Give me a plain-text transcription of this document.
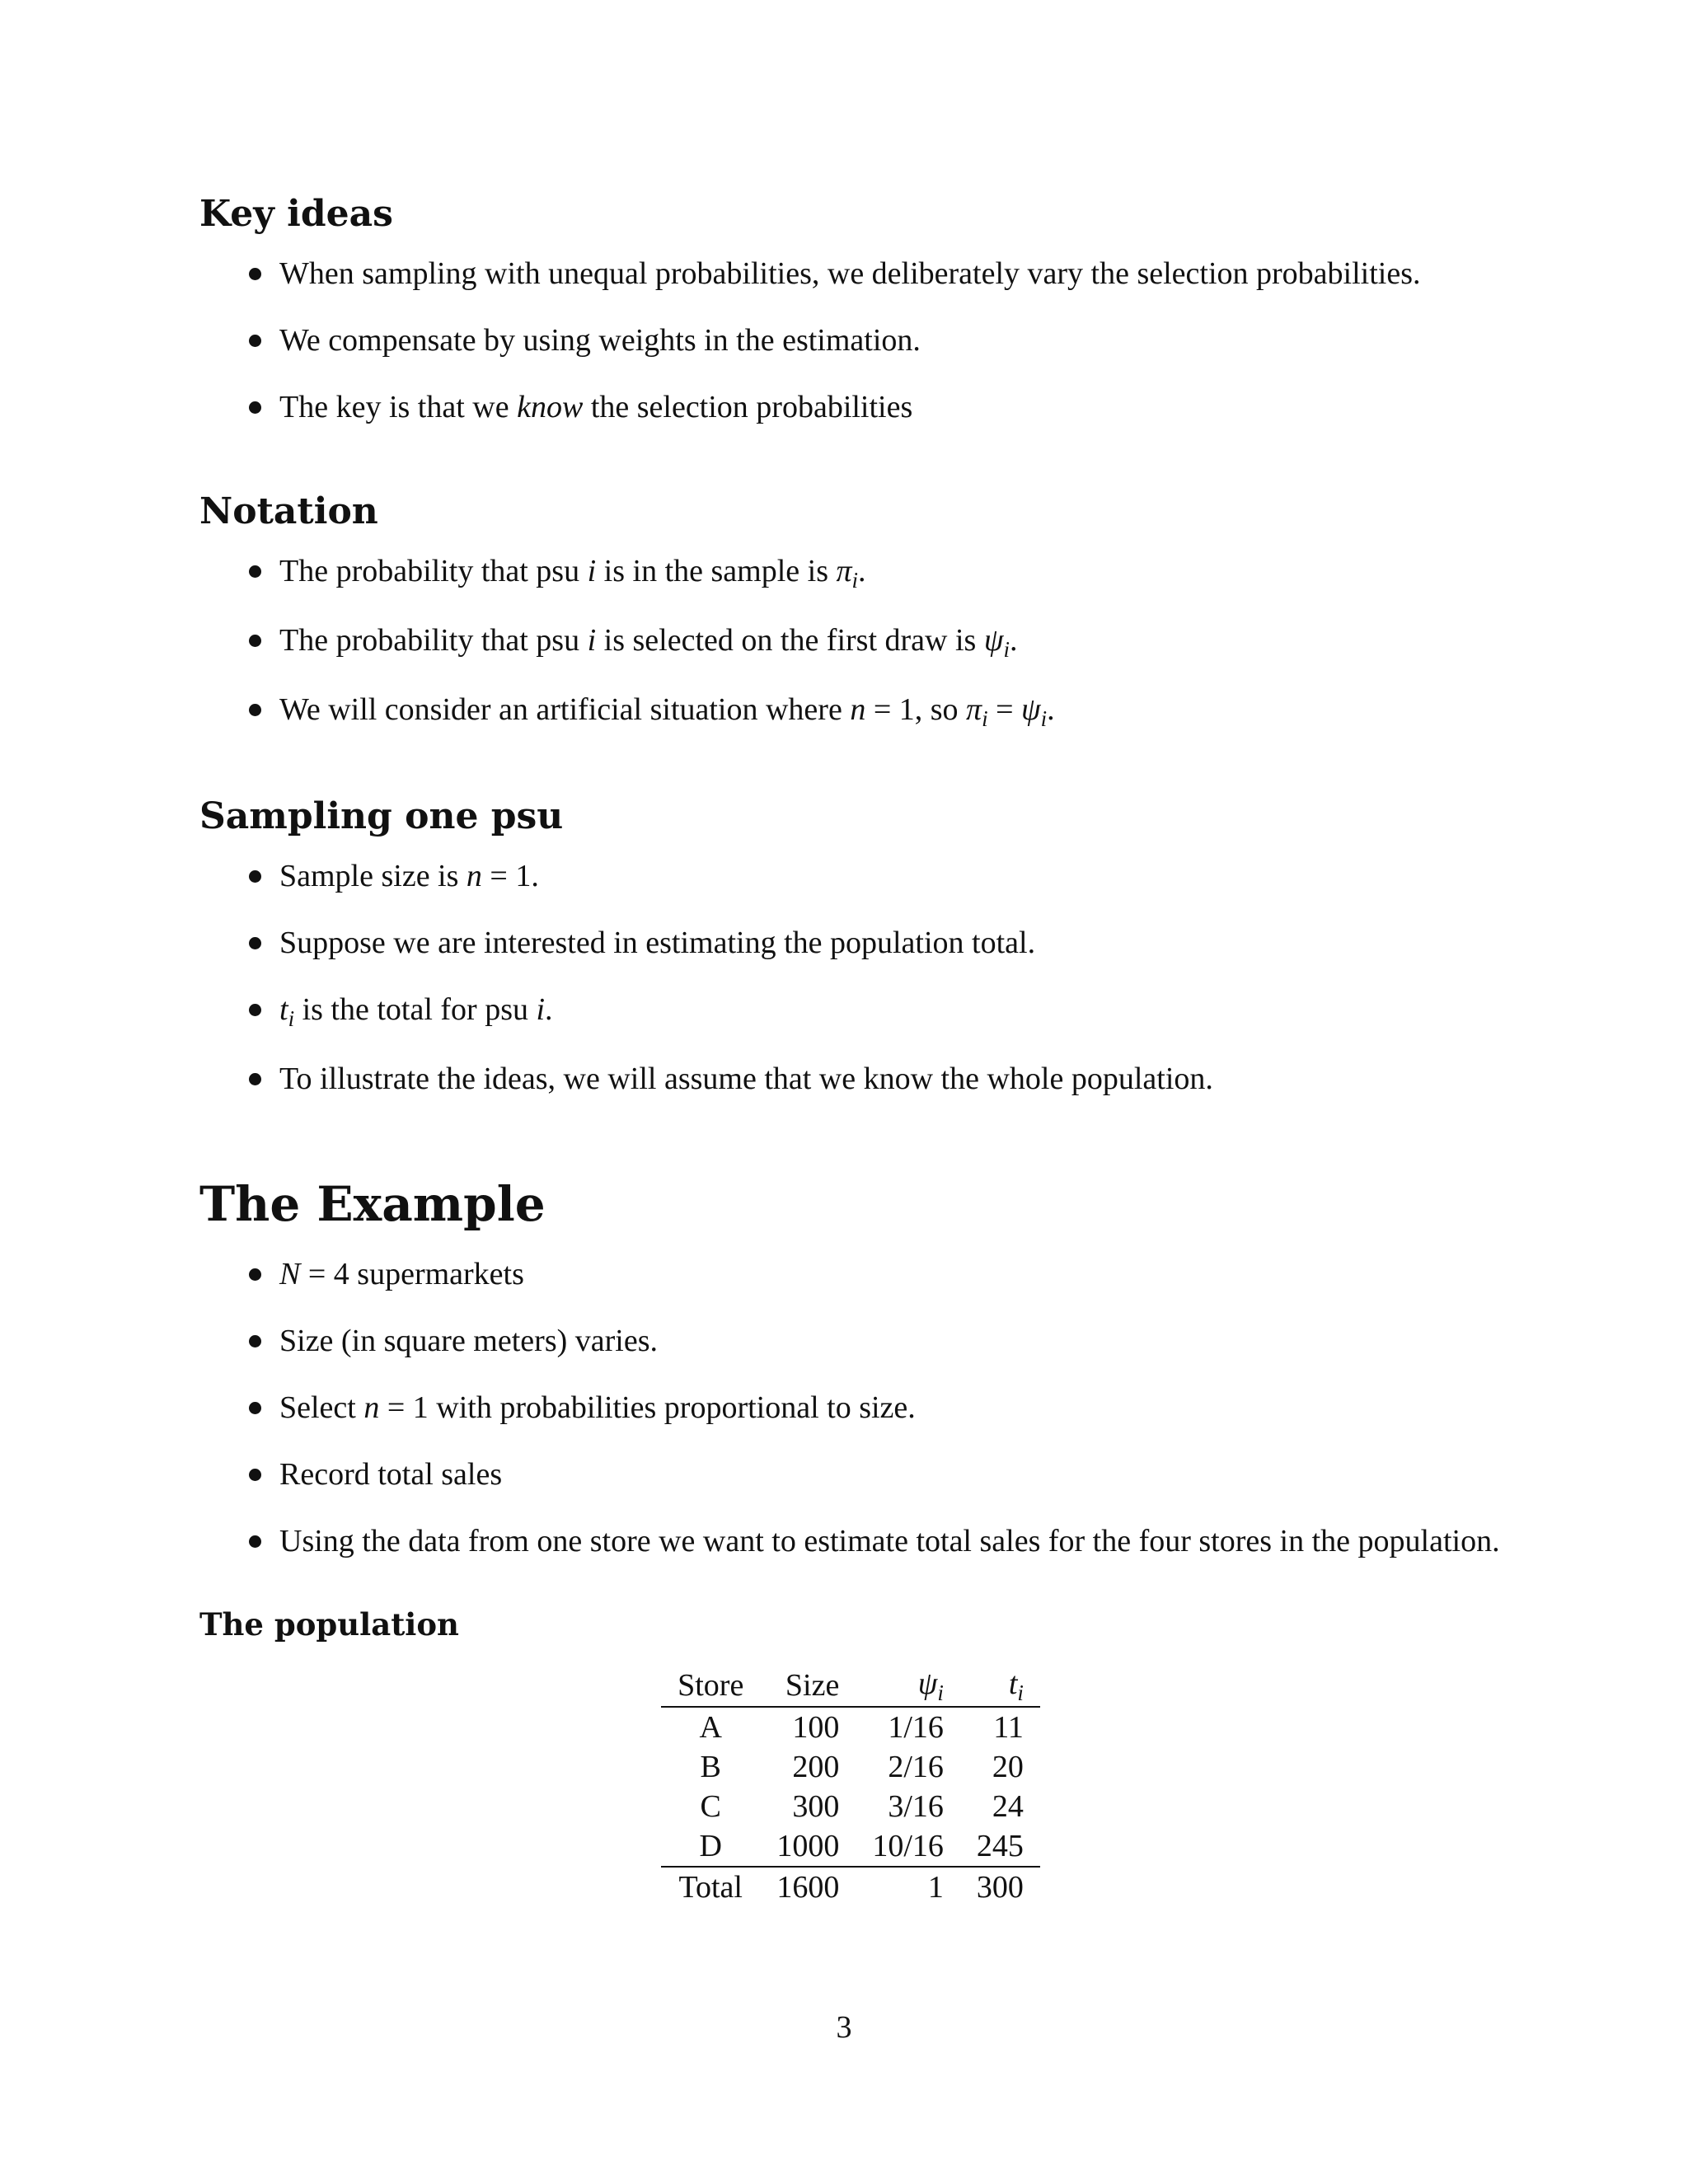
Key ideas
When sampling with unequal probabilities, we deliberately vary the selection probabilities.
We compensate by using weights in the estimation.
The key is that we know the selection probabilities
Notation
The probability that psu i is in the sample is $\pi_i$.
The probability that psu i is selected on the first draw is $\psi_i$.
We will consider an artificial situation where n = 1, so $\pi_i = \psi_i$.
Sampling one psu
Sample size is n = 1.
Suppose we are interested in estimating the population total.
$t_i$ is the total for psu i.
To illustrate the ideas, we will assume that we know the whole population.
The Example
N = 4 supermarkets
Size (in square meters) varies.
Select n = 1 with probabilities proportional to size.
Record total sales
Using the data from one store we want to estimate total sales for the four stores in the population.
The population
Store	Size	$\psi_i$	$t_i$
A	100	1/16	11
B	200	2/16	20
C	300	3/16	24
D	1000	10/16	245
Total	1600	1	300
3
